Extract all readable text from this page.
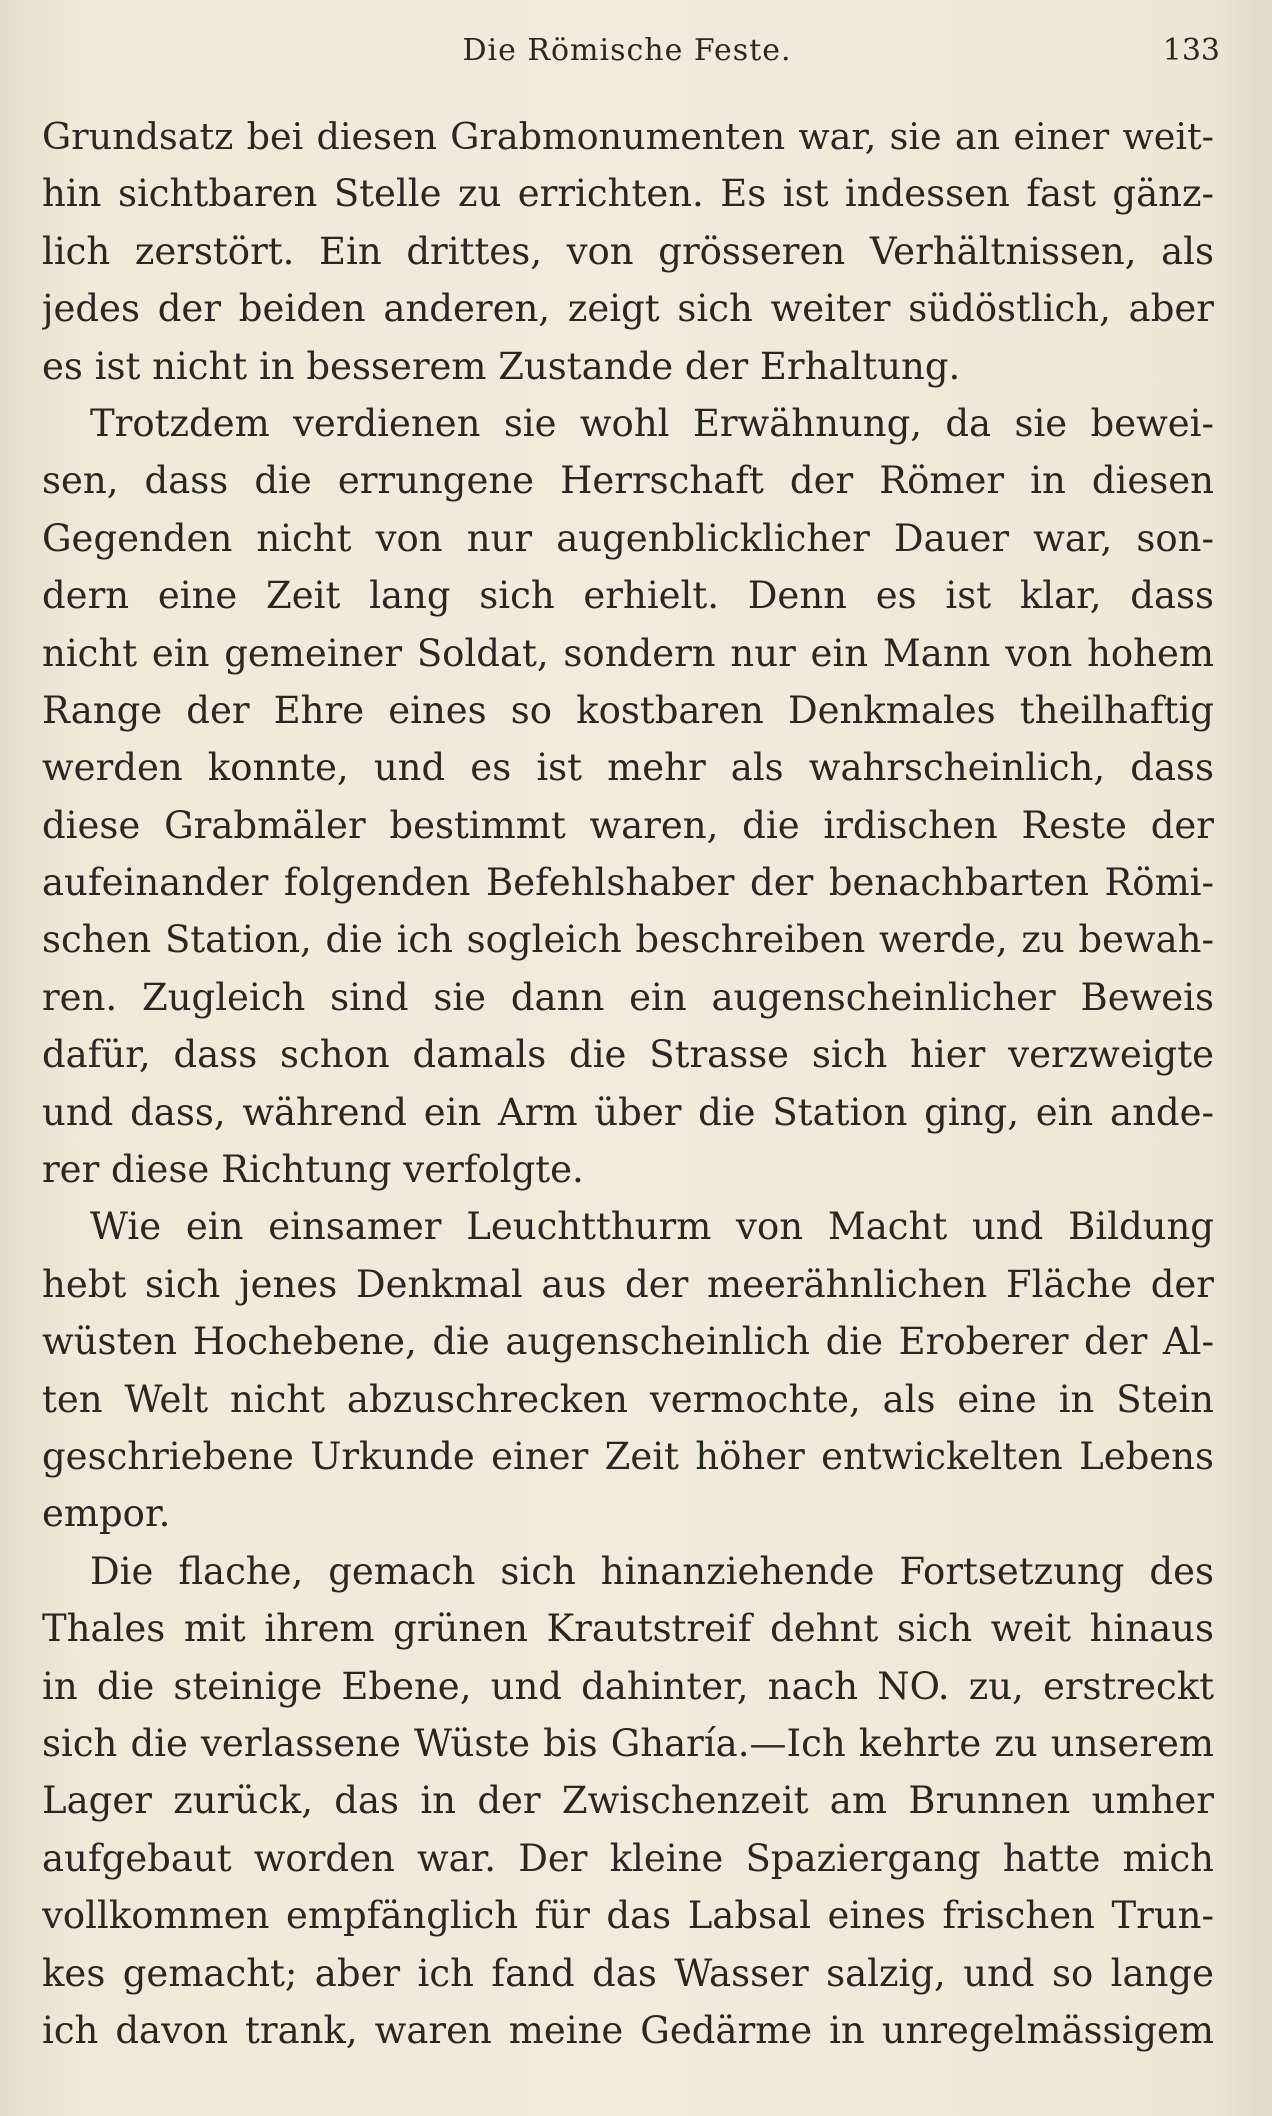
Die Römische Feste.	133
Grundsatz bei diesen Grabmonumenten war, sie an einer weit-
hin sichtbaren Stelle zu errichten. Es ist indessen fast gänz-
lich zerstört. Ein drittes, von grösseren Verhältnissen, als
jedes der beiden anderen, zeigt sich weiter südöstlich, aber
es ist nicht in besserem Zustande der Erhaltung.
Trotzdem verdienen sie wohl Erwähnung, da sie bewei-
sen, dass die errungene Herrschaft der Römer in diesen
Gegenden nicht von nur augenblicklicher Dauer war, son-
dern eine Zeit lang sich erhielt. Denn es ist klar, dass
nicht ein gemeiner Soldat, sondern nur ein Mann von hohem
Range der Ehre eines so kostbaren Denkmales theilhaftig
werden konnte, und es ist mehr als wahrscheinlich, dass
diese Grabmäler bestimmt waren, die irdischen Reste der
aufeinander folgenden Befehlshaber der benachbarten Römi-
schen Station, die ich sogleich beschreiben werde, zu bewah-
ren. Zugleich sind sie dann ein augenscheinlicher Beweis
dafür, dass schon damals die Strasse sich hier verzweigte
und dass, während ein Arm über die Station ging, ein ande-
rer diese Richtung verfolgte.
Wie ein einsamer Leuchtthurm von Macht und Bildung
hebt sich jenes Denkmal aus der meerähnlichen Fläche der
wüsten Hochebene, die augenscheinlich die Eroberer der Al-
ten Welt nicht abzuschrecken vermochte, als eine in Stein
geschriebene Urkunde einer Zeit höher entwickelten Lebens
empor.
Die flache, gemach sich hinanziehende Fortsetzung des
Thales mit ihrem grünen Krautstreif dehnt sich weit hinaus
in die steinige Ebene, und dahinter, nach NO. zu, erstreckt
sich die verlassene Wüste bis Gharía.—Ich kehrte zu unserem
Lager zurück, das in der Zwischenzeit am Brunnen umher
aufgebaut worden war. Der kleine Spaziergang hatte mich
vollkommen empfänglich für das Labsal eines frischen Trun-
kes gemacht; aber ich fand das Wasser salzig, und so lange
ich davon trank, waren meine Gedärme in unregelmässigem
